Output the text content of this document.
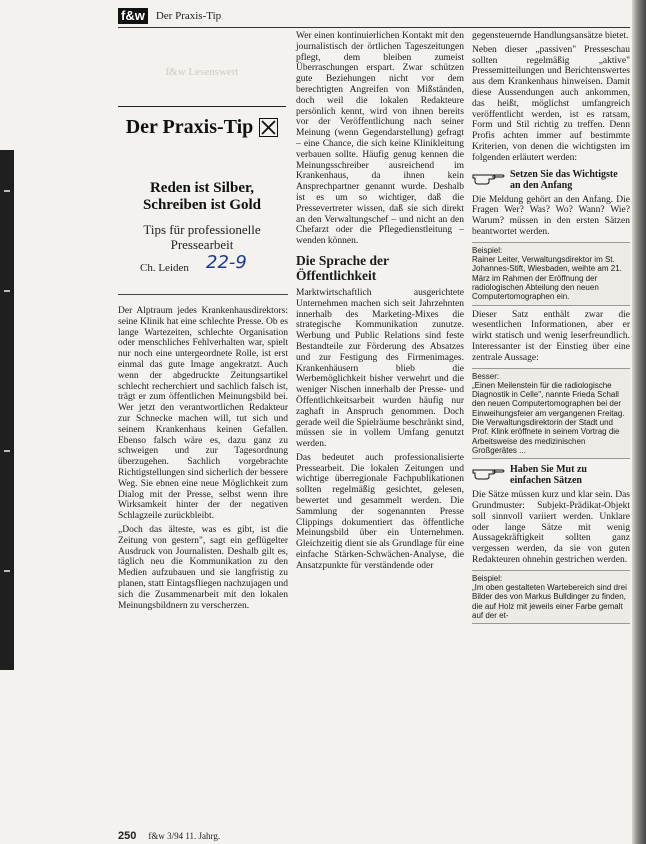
f&w Der Praxis-Tip
f&w Lesenswert
Der Praxis-Tip
Reden ist Silber, Schreiben ist Gold
Tips für professionelle Pressearbeit
Ch. Leiden 22-9

Der Alptraum jedes Krankenhausdirektors: seine Klinik hat eine schlechte Presse. Ob es lange Wartezeiten, schlechte Organisation oder menschliches Fehlverhalten war, spielt nur noch eine untergeordnete Rolle, ist erst einmal das gute Image angekratzt. Auch wenn der abgedruckte Zeitungsartikel schlecht recherchiert und sachlich falsch ist, trägt er zum öffentlichen Meinungsbild bei. Wer jetzt den verantwortlichen Redakteur zur Schnecke machen will, tut sich und seinem Krankenhaus keinen Gefallen. Ebenso falsch wäre es, dazu ganz zu schweigen und zur Tagesordnung überzugehen. Sachlich vorgebrachte Richtigstellungen sind sicherlich der bessere Weg. Sie ebnen eine neue Möglichkeit zum Dialog mit der Presse, selbst wenn ihre Wirksamkeit hinter der der negativen Schlagzeile zurückbleibt.

„Doch das älteste, was es gibt, ist die Zeitung von gestern", sagt ein geflügelter Ausdruck von Journalisten. Deshalb gilt es, täglich neu die Kommunikation zu den Medien aufzubauen und sie langfristig zu planen, statt Eintagsfliegen nachzujagen und sich die Zusammenarbeit mit den lokalen Meinungsbildnern zu verscherzen.

Wer einen kontinuierlichen Kontakt mit den journalistisch der örtlichen Tageszeitungen pflegt, dem bleiben zumeist Überraschungen erspart. Zwar schützen gute Beziehungen nicht vor dem berechtigten Angreifen von Mißständen, doch weil die lokalen Redakteure persönlich kennt, wird von ihnen bereits vor der Veröffentlichung nach seiner Meinung (wenn Gegendarstellung) gefragt – eine Chance, die sich keine Klinikleitung verbauen sollte. Häufig genug kennen die Meinungsschreiber ausreichend im Krankenhaus, da ihnen kein Ansprechpartner genannt wurde. Deshalb ist es um so wichtiger, daß die Pressevertreter wissen, daß sie sich direkt an den Verwaltungschef – und nicht an den Chefarzt oder die Pflegedienstleitung – wenden können.

Die Sprache der Öffentlichkeit

Marktwirtschaftlich ausgerichtete Unternehmen machen sich seit Jahrzehnten innerhalb des Marketing-Mixes die strategische Kommunikation zunutze. Werbung und Public Relations sind feste Bestandteile zur Förderung des Absatzes und zur Festigung des Firmenimages. Krankenhäusern blieb die Werbemöglichkeit bisher verwehrt und die weniger Nischen innerhalb der Presse- und Öffentlichkeitsarbeit wurden häufig nur zaghaft in Anspruch genommen. Doch gerade weil die Spielräume beschränkt sind, müssen sie in vollem Umfang genutzt werden.

Das bedeutet auch professionalisierte Pressearbeit. Die lokalen Zeitungen und wichtige überregionale Fachpublikationen sollten regelmäßig gesichtet, gelesen, bewertet und gesammelt werden. Die Sammlung der sogenannten Presse Clippings dokumentiert das öffentliche Meinungsbild über ein Unternehmen. Gleichzeitig dient sie als Grundlage für eine einfache Stärken-Schwächen-Analyse, die Ansatzpunkte für verständende oder

gegensteuernde Handlungsansätze bietet.

Neben dieser „passiven" Presseschau sollten regelmäßig „aktive" Pressemitteilungen und Berichtenswertes aus dem Krankenhaus hinweisen. Damit diese Aussendungen auch ankommen, das heißt, möglichst umfangreich veröffentlicht werden, ist es ratsam, Form und Stil richtig zu treffen. Denn Profis achten immer auf bestimmte Kriterien, von denen die wichtigsten im folgenden erläutert werden:

Setzen Sie das Wichtigste an den Anfang

Die Meldung gehört an den Anfang. Die Fragen Wer? Was? Wo? Wann? Wie? Warum? müssen in den ersten Sätzen beantwortet werden.

Beispiel:

Rainer Leiter, Verwaltungsdirektor im St. Johannes-Stift, Wiesbaden, weihte am 21. März im Rahmen der Eröffnung der radiologischen Abteilung den neuen Computertomographen ein.

Dieser Satz enthält zwar die wesentlichen Informationen, aber er wirkt statisch und wenig leserfreundlich. Interessanter ist der Einstieg über eine zentrale Aussage:

Besser:

„Einen Meilenstein für die radiologische Diagnostik in Celle", nannte Frieda Schall den neuen Computertomographen bei der Einweihungsfeier am vergangenen Freitag. Die Verwaltungsdirektorin der Stadt und Prof. Klink eröffnete in seinem Vortrag die Arbeitsweise des medizinischen Großgerätes ...

Haben Sie Mut zu einfachen Sätzen

Die Sätze müssen kurz und klar sein. Das Grundmuster: Subjekt-Prädikat-Objekt soll sinnvoll variiert werden. Unklare oder lange Sätze mit wenig Aussagekräftigkeit sollten ganz vergessen werden, da sie von guten Redakteuren ohnehin gestrichen werden.

Beispiel:

„Im oben gestalteten Wartebereich sind drei Bilder des von Markus Bulldinger zu finden, die auf Holz mit jeweils einer Farbe gemalt auf der et-

250 f&w 3/94 11. Jahrg.
